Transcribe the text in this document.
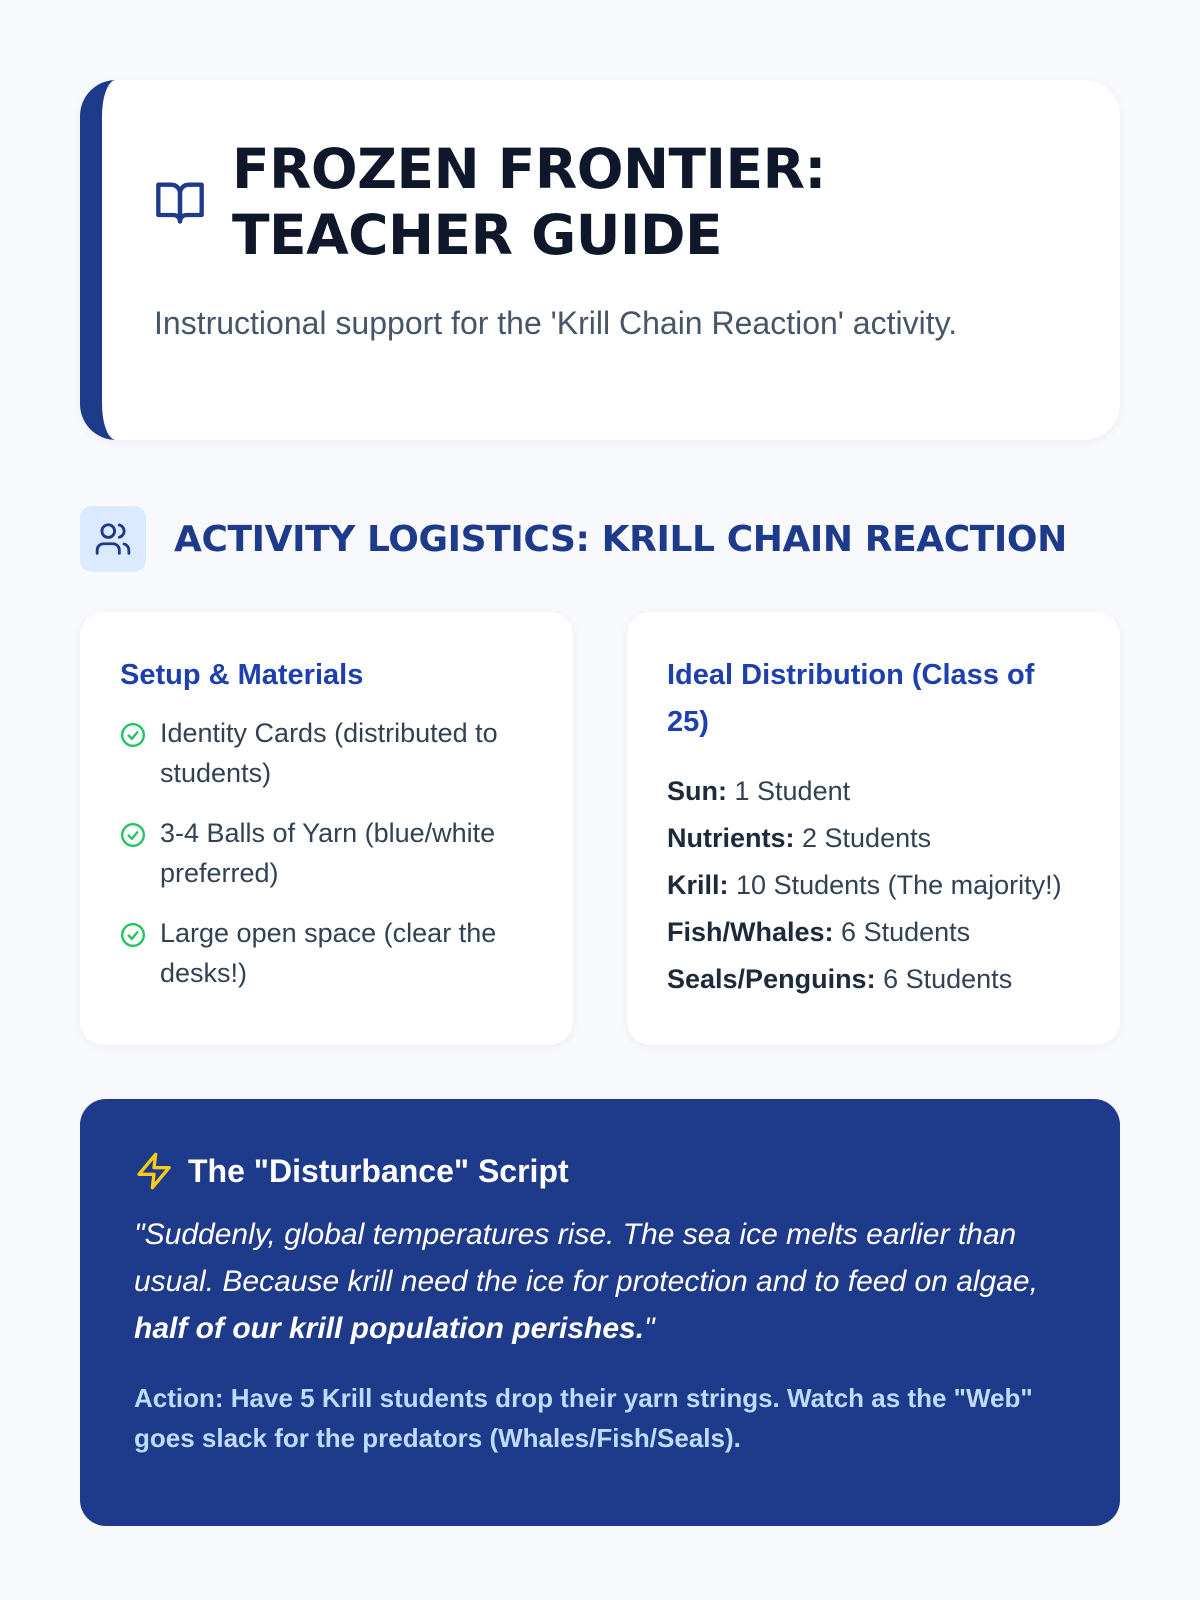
FROZEN FRONTIER: TEACHER GUIDE

Instructional support for the 'Krill Chain Reaction' activity.

ACTIVITY LOGISTICS: KRILL CHAIN REACTION
Setup & Materials
Identity Cards (distributed to students)
3-4 Balls of Yarn (blue/white preferred)
Large open space (clear the desks!)
Ideal Distribution (Class of 25)
Sun: 1 Student
Nutrients: 2 Students
Krill: 10 Students (The majority!)
Fish/Whales: 6 Students
Seals/Penguins: 6 Students
The "Disturbance" Script

"Suddenly, global temperatures rise. The sea ice melts earlier than usual. Because krill need the ice for protection and to feed on algae, half of our krill population perishes."

Action: Have 5 Krill students drop their yarn strings. Watch as the "Web" goes slack for the predators (Whales/Fish/Seals).
